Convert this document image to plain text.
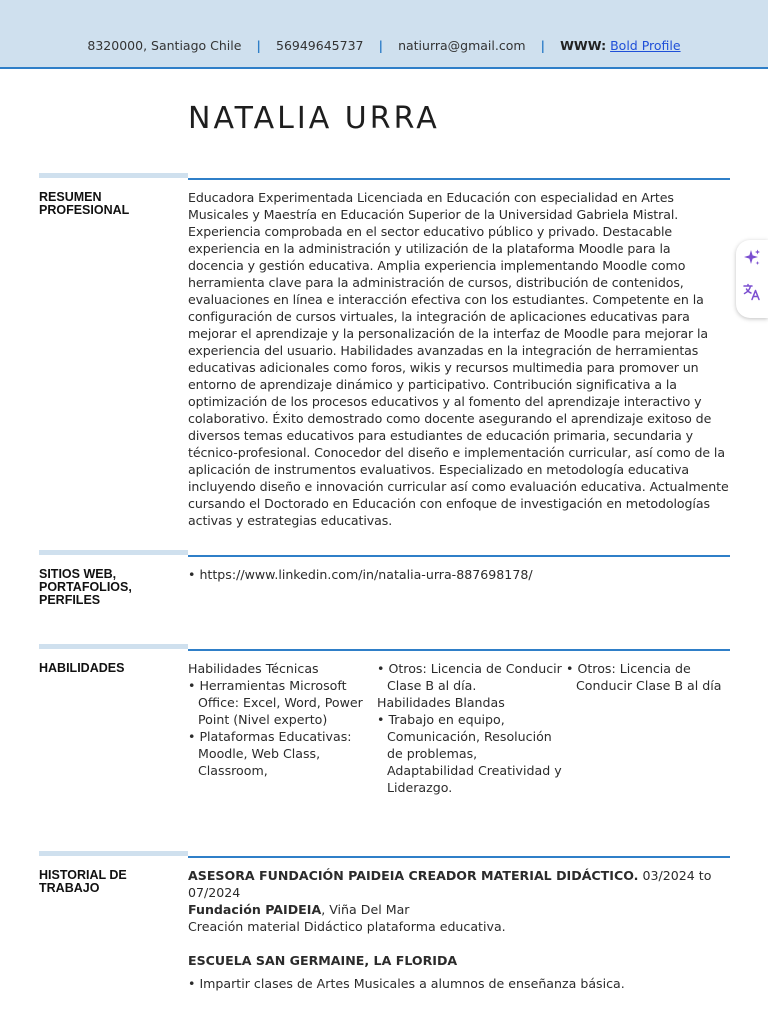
8320000, Santiago Chile | 56949645737 | natiurra@gmail.com | WWW: Bold Profile
NATALIA URRA
RESUMEN PROFESIONAL
Educadora Experimentada Licenciada en Educación con especialidad en Artes Musicales y Maestría en Educación Superior de la Universidad Gabriela Mistral. Experiencia comprobada en el sector educativo público y privado. Destacable experiencia en la administración y utilización de la plataforma Moodle para la docencia y gestión educativa. Amplia experiencia implementando Moodle como herramienta clave para la administración de cursos, distribución de contenidos, evaluaciones en línea e interacción efectiva con los estudiantes. Competente en la configuración de cursos virtuales, la integración de aplicaciones educativas para mejorar el aprendizaje y la personalización de la interfaz de Moodle para mejorar la experiencia del usuario. Habilidades avanzadas en la integración de herramientas educativas adicionales como foros, wikis y recursos multimedia para promover un entorno de aprendizaje dinámico y participativo. Contribución significativa a la optimización de los procesos educativos y al fomento del aprendizaje interactivo y colaborativo. Éxito demostrado como docente asegurando el aprendizaje exitoso de diversos temas educativos para estudiantes de educación primaria, secundaria y técnico-profesional. Conocedor del diseño e implementación curricular, así como de la aplicación de instrumentos evaluativos. Especializado en metodología educativa incluyendo diseño e innovación curricular así como evaluación educativa. Actualmente cursando el Doctorado en Educación con enfoque de investigación en metodologías activas y estrategias educativas.
SITIOS WEB, PORTAFOLIOS, PERFILES
• https://www.linkedin.com/in/natalia-urra-887698178/
HABILIDADES	Habilidades Técnicas
• Herramientas Microsoft Office: Excel, Word, Power Point (Nivel experto)
• Plataformas Educativas: Moodle, Web Class, Classroom,
• Otros: Licencia de Conducir Clase B al día.
Habilidades Blandas
• Trabajo en equipo, Comunicación, Resolución de problemas, Adaptabilidad Creatividad y Liderazgo.
• Otros: Licencia de Conducir Clase B al día
HISTORIAL DE TRABAJO
ASESORA FUNDACIÓN PAIDEIA CREADOR MATERIAL DIDÁCTICO. 03/2024 to 07/2024
Fundación PAIDEIA, Viña Del Mar
Creación material Didáctico plataforma educativa.
ESCUELA SAN GERMAINE, LA FLORIDA
• Impartir clases de Artes Musicales a alumnos de enseñanza básica.
